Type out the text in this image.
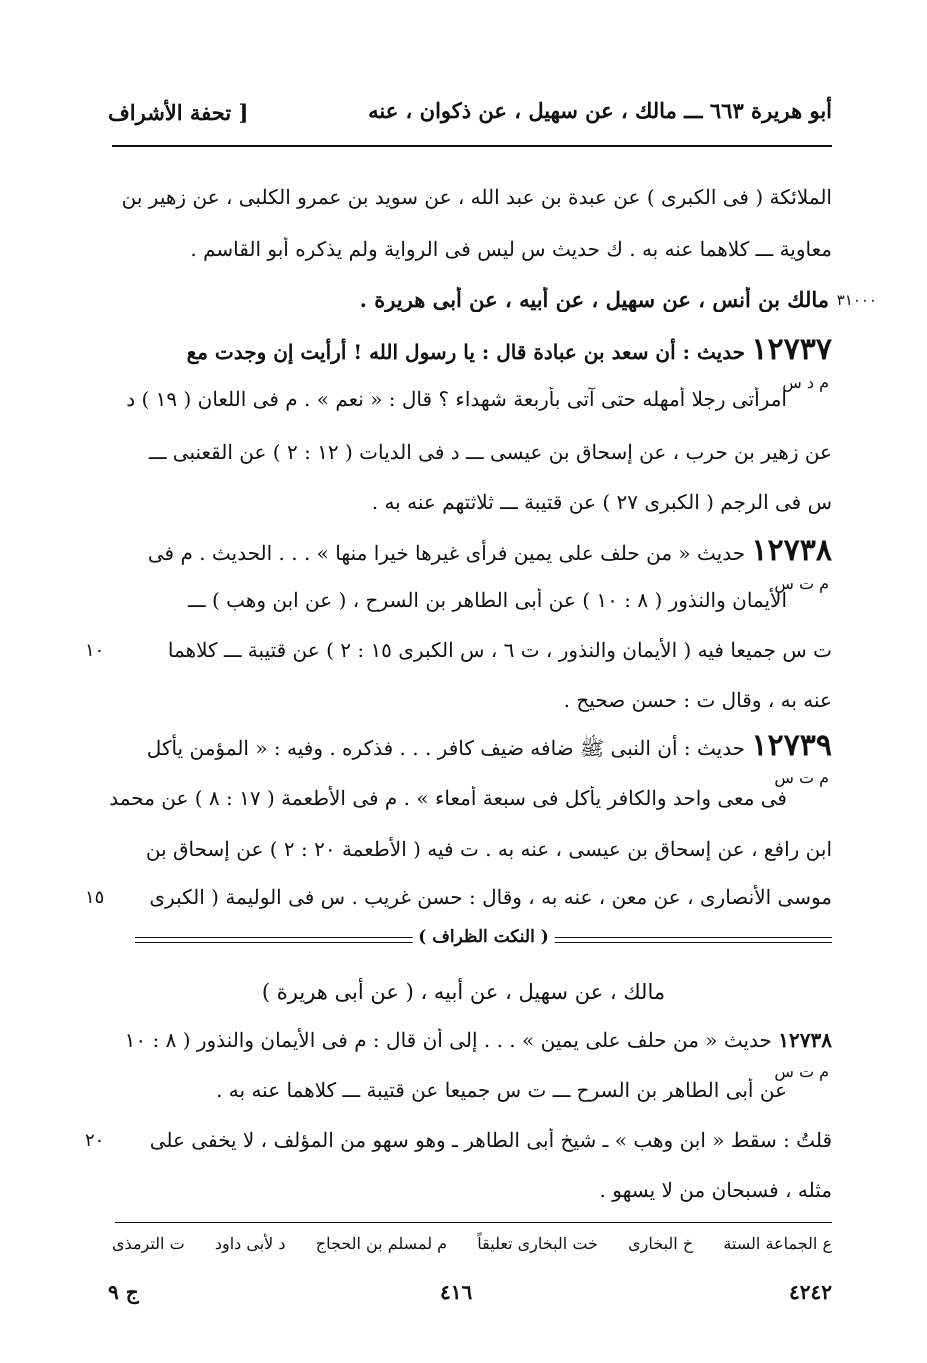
أبو هريرة ٦٦٣ ـــ مالك ، عن سهيل ، عن ذكوان ، عنه
[ تحفة الأشراف
الملائكة ( فى الكبرى ) عن عبدة بن عبد الله ، عن سويد بن عمرو الكلبى ، عن زهير بن
معاوية ـــ كلاهما عنه به . ﻙ حديث س ليس فى الرواية ولم يذكره أبو القاسم .
٣١٠٠٠
مالك بن أنس ، عن سهيل ، عن أبيه ، عن أبى هريرة .
١٢٧٣٧ حديث : أن سعد بن عبادة قال : يا رسول الله ! أرأيت إن وجدت مع
م د س
امرأتى رجلا أمهله حتى آتى بأربعة شهداء ؟ قال : « نعم » . م فى اللعان ( ١٩ ) د
عن زهير بن حرب ، عن إسحاق بن عيسى ـــ د فى الديات ( ١٢ : ٢ ) عن القعنبى ـــ
س فى الرجم ( الكبرى ٢٧ ) عن قتيبة ـــ ثلاثتهم عنه به .
١٢٧٣٨ حديث « من حلف على يمين فرأى غيرها خيرا منها » . . . الحديث . م فى
م ت س
الأيمان والنذور ( ٨ : ١٠ ) عن أبى الطاهر بن السرح ، ( عن ابن وهب ) ـــ
ت س جميعا فيه ( الأيمان والنذور ، ت ٦ ، س الكبرى ١٥ : ٢ ) عن قتيبة ـــ كلاهما
١٠
عنه به ، وقال ت : حسن صحيح .
١٢٧٣٩ حديث : أن النبى ﷺ ضافه ضيف كافر . . . فذكره . وفيه : « المؤمن يأكل
م ت س
فى معى واحد والكافر يأكل فى سبعة أمعاء » . م فى الأطعمة ( ١٧ : ٨ ) عن محمد
ابن رافع ، عن إسحاق بن عيسى ، عنه به . ت فيه ( الأطعمة ٢٠ : ٢ ) عن إسحاق بن
موسى الأنصارى ، عن معن ، عنه به ، وقال : حسن غريب . س فى الوليمة ( الكبرى
١٥
( النكت الظراف )
مالك ، عن سهيل ، عن أبيه ، ( عن أبى هريرة )
١٢٧٣٨ حديث « من حلف على يمين » . . . إلى أن قال : م فى الأيمان والنذور ( ٨ : ١٠
م ت س
عن أبى الطاهر بن السرح ـــ ت س جميعا عن قتيبة ـــ كلاهما عنه به .
قلتُ : سقط « ابن وهب » ـ شيخ أبى الطاهر ـ وهو سهو من المؤلف ، لا يخفى على
٢٠
مثله ، فسبحان من لا يسهو .
ع الجماعة الستة
خ البخارى
خت البخارى تعليقاً
م لمسلم بن الحجاج
د لأبى داود
ت الترمذى
٤٢٤٢
٤١٦
ج ٩
